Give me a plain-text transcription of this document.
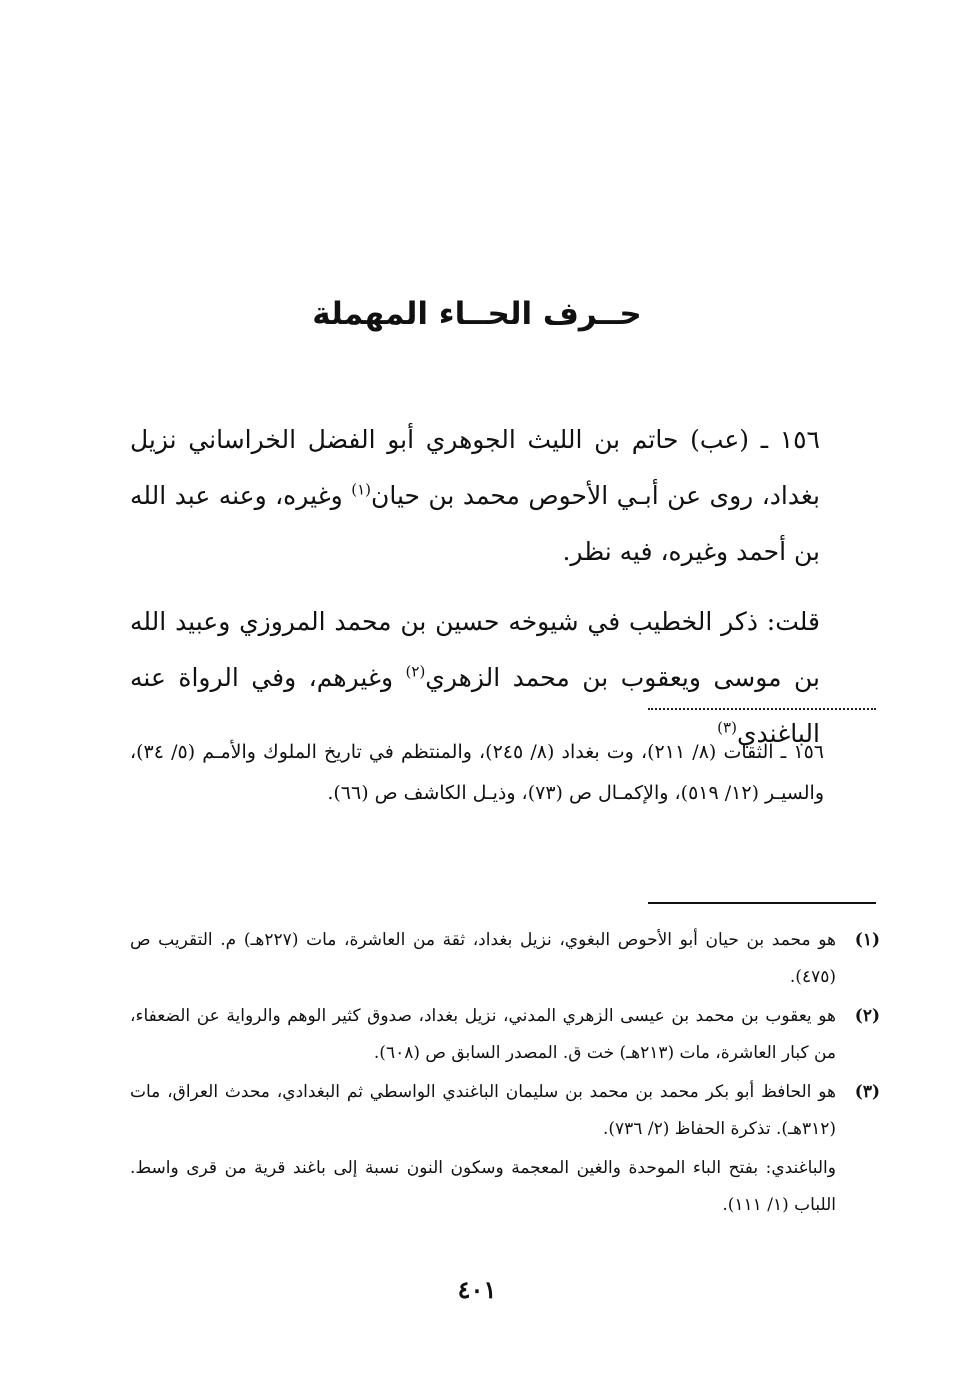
حــرف الحــاء المهملة

١٥٦ ـ (عب) حاتم بن الليث الجوهري أبو الفضل الخراساني نزيل بغداد، روى عن أبـي الأحوص محمد بن حيان$^{(١)}$ وغيره، وعنه عبد الله بن أحمد وغيره، فيه نظر.

قلت: ذكر الخطيب في شيوخه حسين بن محمد المروزي وعبيد الله بن موسى ويعقوب بن محمد الزهري$^{(٢)}$ وغيرهم، وفي الرواة عنه الباغندي$^{(٣)}$

١٥٦ ـ الثقات (٨/ ٢١١)، وت بغداد (٨/ ٢٤٥)، والمنتظم في تاريخ الملوك والأمـم (٥/ ٣٤)، والسيـر (١٢/ ٥١٩)، والإكمـال ص (٧٣)، وذيـل الكاشف ص (٦٦).

(١)
هو محمد بن حيان أبو الأحوص البغوي، نزيل بغداد، ثقة من العاشرة، مات (٢٢٧هـ) م. التقريب ص (٤٧٥).
(٢)
هو يعقوب بن محمد بن عيسى الزهري المدني، نزيل بغداد، صدوق كثير الوهم والرواية عن الضعفاء، من كبار العاشرة، مات (٢١٣هـ) خت ق. المصدر السابق ص (٦٠٨).
(٣)
هو الحافظ أبو بكر محمد بن محمد بن سليمان الباغندي الواسطي ثم البغدادي، محدث العراق، مات (٣١٢هـ). تذكرة الحفاظ (٢/ ٧٣٦).
والباغندي: بفتح الباء الموحدة والغين المعجمة وسكون النون نسبة إلى باغند قرية من قرى واسط. اللباب (١/ ١١١).
٤٠١
